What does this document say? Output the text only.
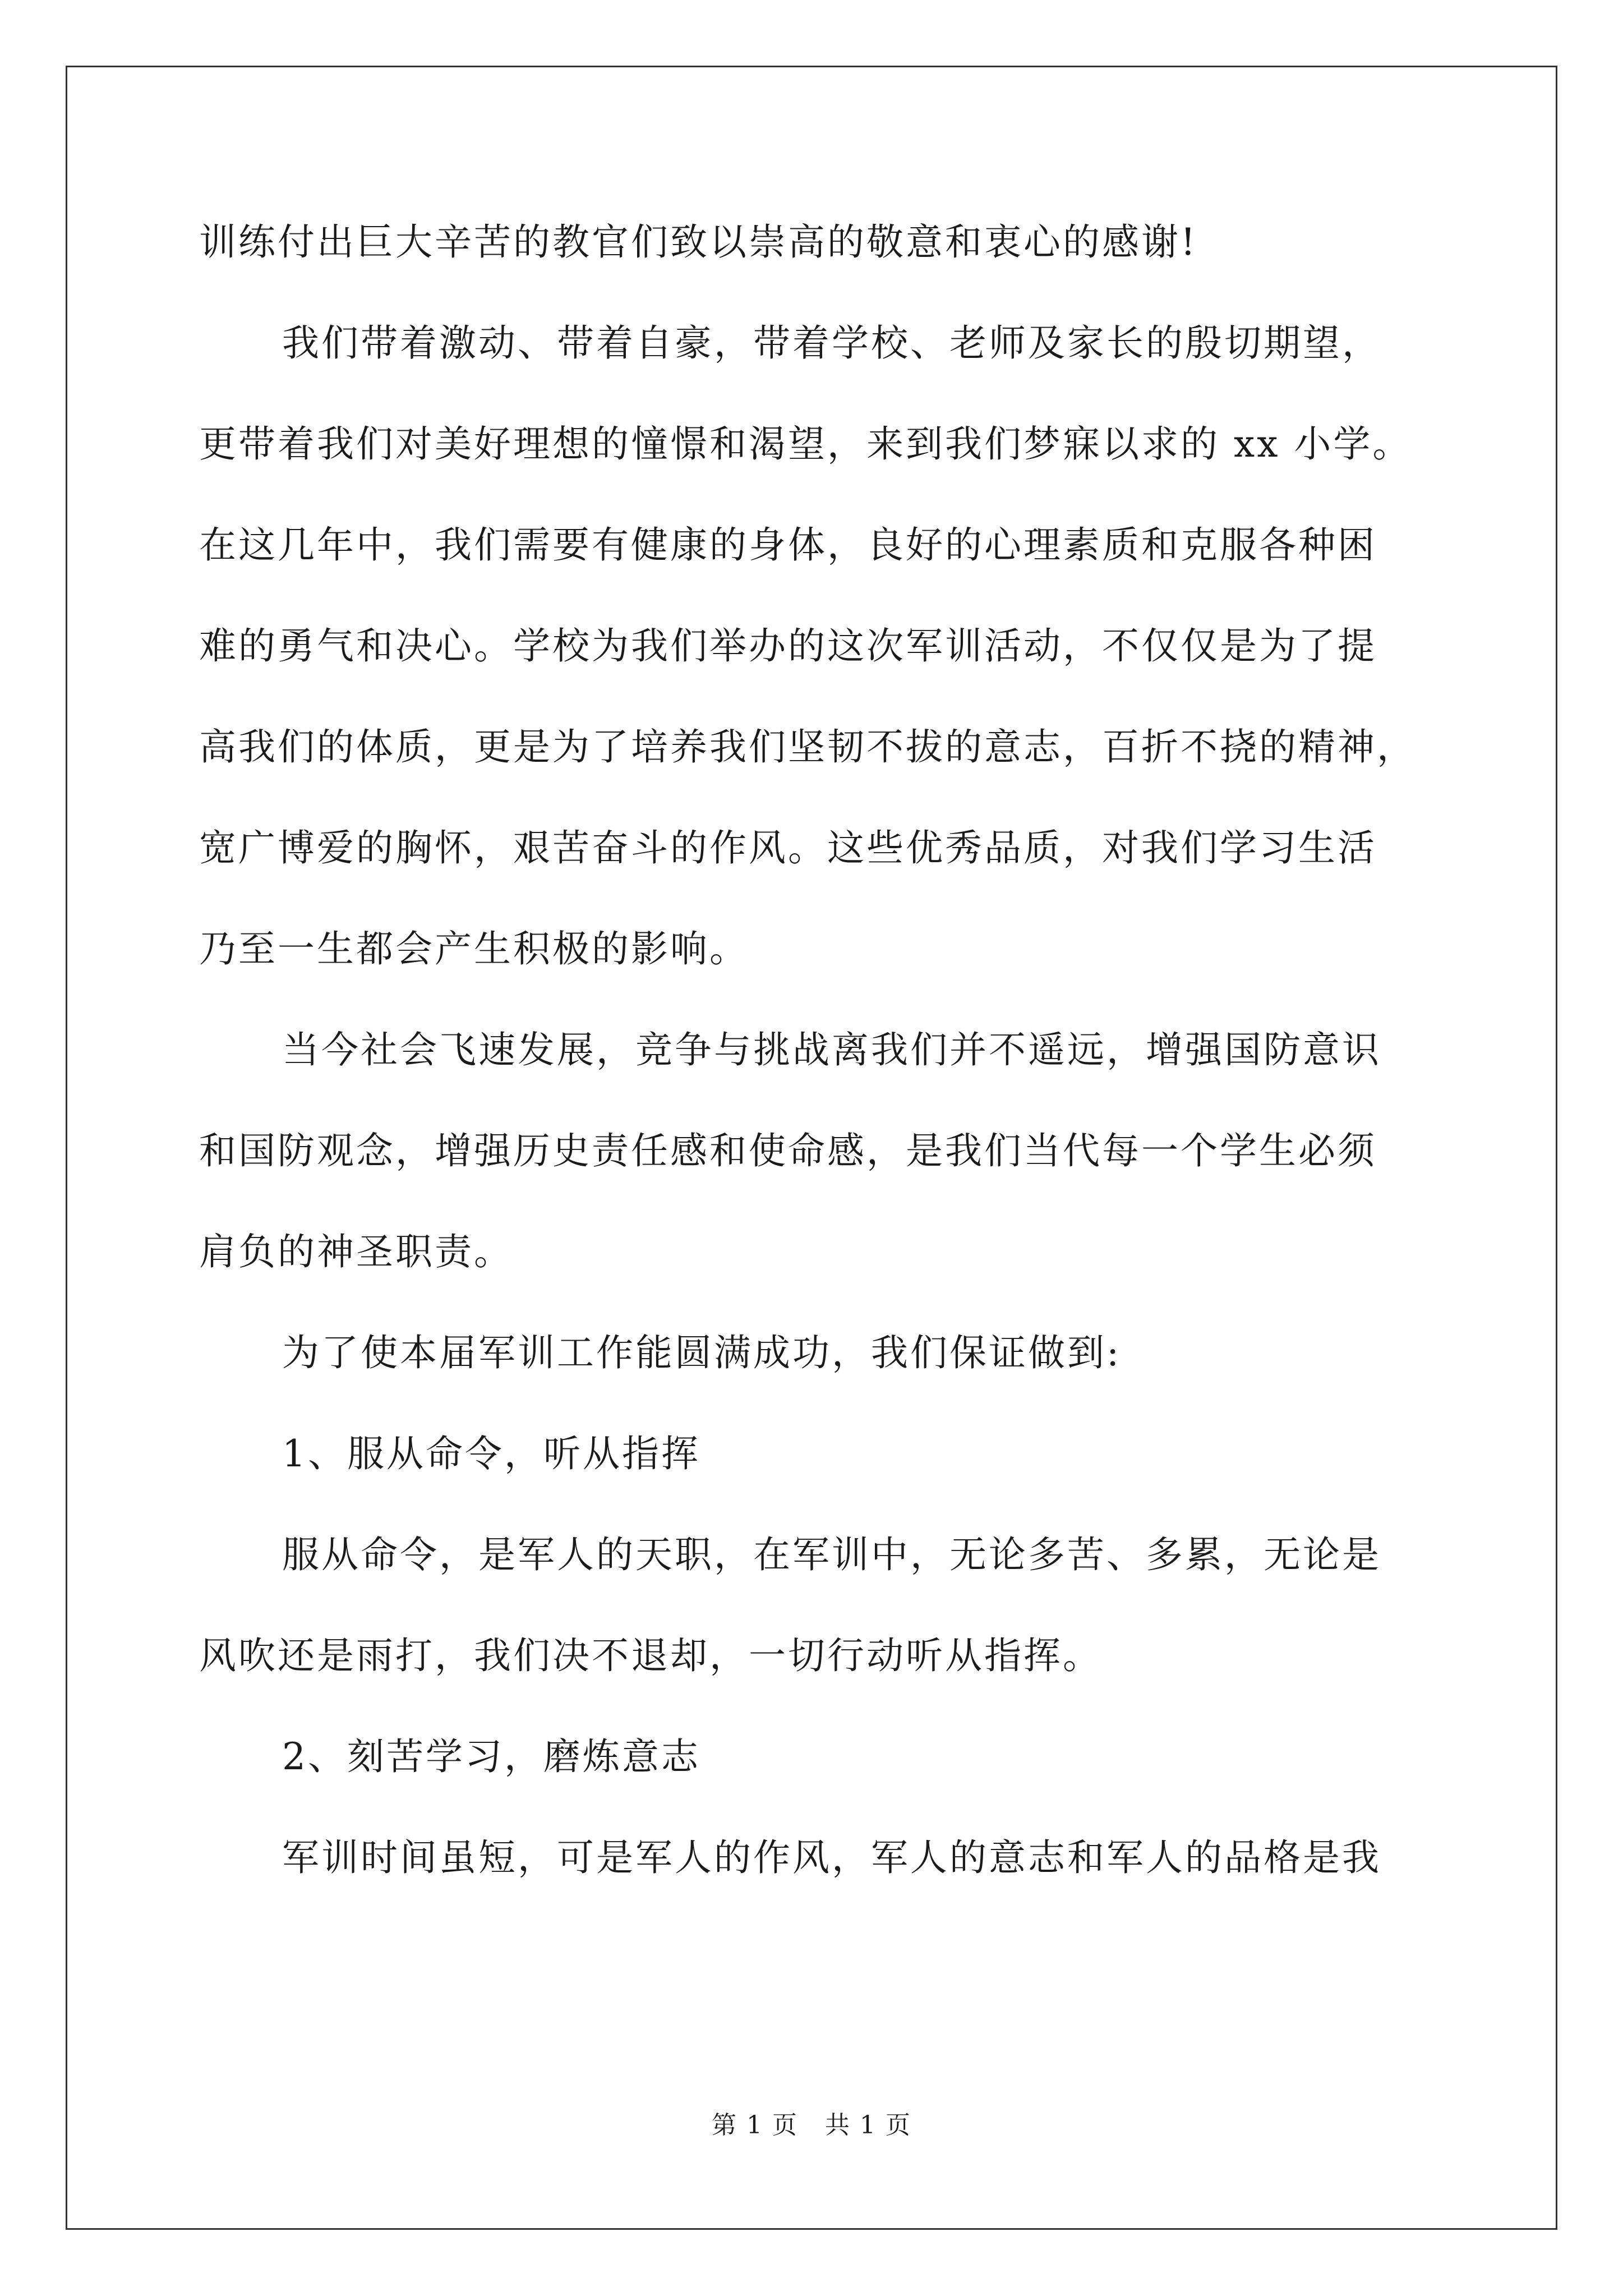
训练付出巨大辛苦的教官们致以崇高的敬意和衷心的感谢!
我们带着激动、带着自豪，带着学校、老师及家长的殷切期望，
更带着我们对美好理想的憧憬和渴望，来到我们梦寐以求的 xx 小学。
在这几年中，我们需要有健康的身体，良好的心理素质和克服各种困
难的勇气和决心。学校为我们举办的这次军训活动，不仅仅是为了提
高我们的体质，更是为了培养我们坚韧不拔的意志，百折不挠的精神，
宽广博爱的胸怀，艰苦奋斗的作风。这些优秀品质，对我们学习生活
乃至一生都会产生积极的影响。
当今社会飞速发展，竞争与挑战离我们并不遥远，增强国防意识
和国防观念，增强历史责任感和使命感，是我们当代每一个学生必须
肩负的神圣职责。
为了使本届军训工作能圆满成功，我们保证做到:
1、服从命令，听从指挥
服从命令，是军人的天职，在军训中，无论多苦、多累，无论是
风吹还是雨打，我们决不退却，一切行动听从指挥。
2、刻苦学习，磨炼意志
军训时间虽短，可是军人的作风，军人的意志和军人的品格是我
第 1 页 共 1 页
